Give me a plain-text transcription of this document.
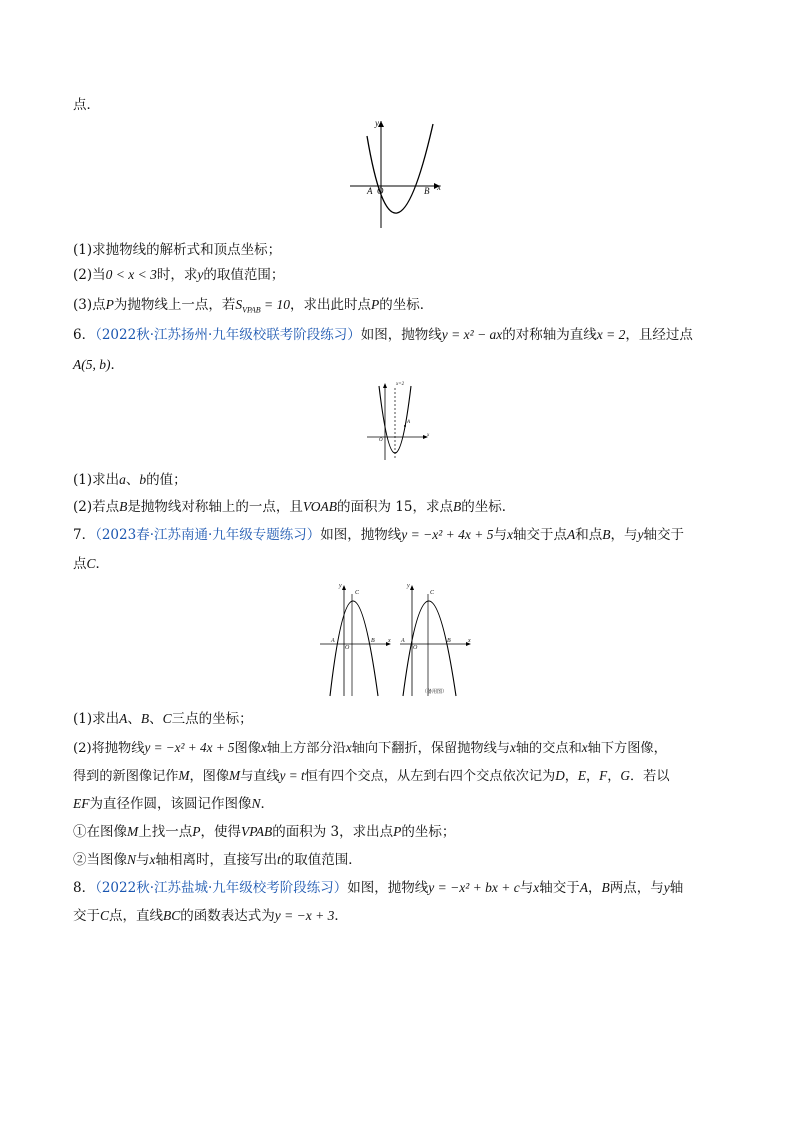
点．
y
x
A O	B
(1)求抛物线的解析式和顶点坐标；
(2)当0 < x < 3时，求y的取值范围；
(3)点P为抛物线上一点，若$S_{VPAB} = 10$，求出此时点P的坐标．
6．（2022秋·江苏扬州·九年级校联考阶段练习）如图，抛物线y = x² − ax的对称轴为直线x = 2，且经过点
A(5, b)．
x=2
A
O
x
(1)求出a、b的值；
(2)若点B是抛物线对称轴上的一点，且VOAB的面积为 15，求点B的坐标．
7．（2023春·江苏南通·九年级专题练习）如图，抛物线y = −x² + 4x + 5与x轴交于点A和点B，与y轴交于
点C．
y
C
A
O
B x
y
C
A
O
B	x
（备用图）
(1)求出A、B、C三点的坐标；
(2)将抛物线y = −x² + 4x + 5图像x轴上方部分沿x轴向下翻折，保留抛物线与x轴的交点和x轴下方图像，
得到的新图像记作M，图像M与直线y = t恒有四个交点，从左到右四个交点依次记为D，E，F，G．若以
EF为直径作圆，该圆记作图像N．
①在图像M上找一点P，使得VPAB的面积为 3，求出点P的坐标；
②当图像N与x轴相离时，直接写出t的取值范围．
8．（2022秋·江苏盐城·九年级校考阶段练习）如图，抛物线y = −x² + bx + c与x轴交于A，B两点，与y轴
交于C点，直线BC的函数表达式为y = −x + 3．
